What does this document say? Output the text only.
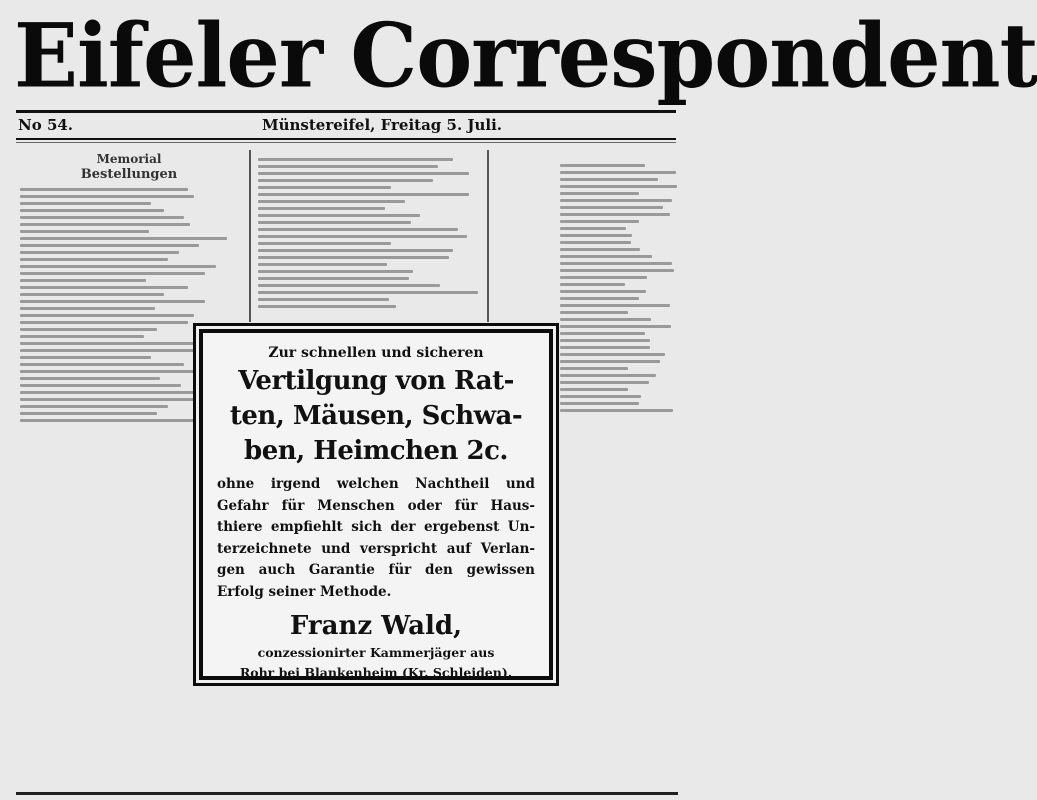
Eifeler Correspondent
No 54.	Münstereifel, Freitag 5. Juli.
Memorial
Bestellungen
Zur schnellen und sicheren
Vertilgung von Rat-
ten, Mäusen, Schwa-
ben, Heimchen 2c.
ohne irgend welchen Nachtheil und Gefahr für Menschen oder für Haus-thiere empfiehlt sich der ergebenst Un-terzeichnete und verspricht auf Verlan-gen auch Garantie für den gewissen Erfolg seiner Methode.
Franz Wald,
conzessionirter Kammerjäger aus
Rohr bei Blankenheim (Kr. Schleiden).
